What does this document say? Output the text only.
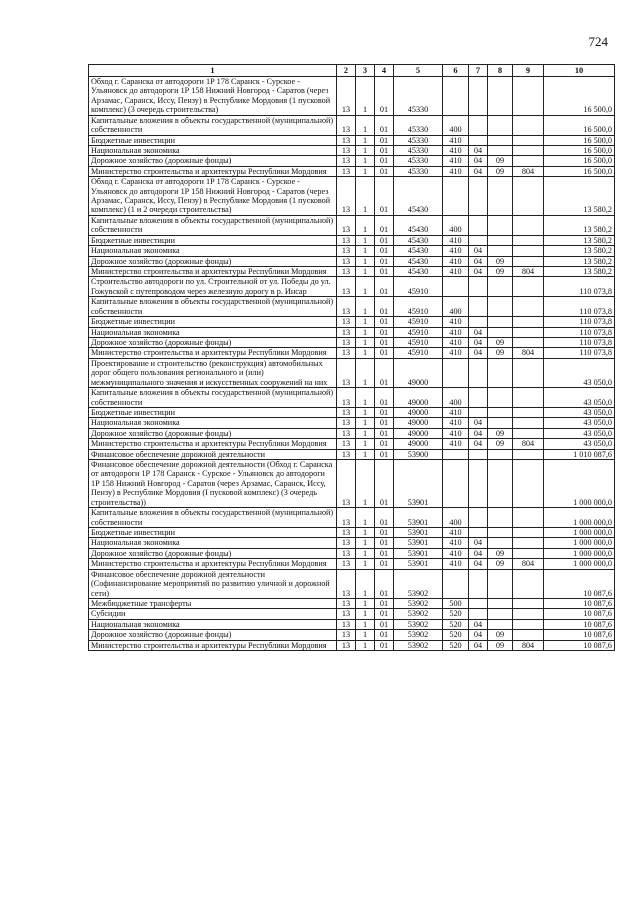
724
1	2	3	4	5	6	7	8	9	10
Обход г. Саранска от автодороги 1Р 178 Саранск - Сурское - Ульяновск до автодороги 1Р 158 Нижний Новгород - Саратов (через Арзамас, Саранск, Иссу, Пензу) в Республике Мордовия (1 пусковой комплекс) (3 очередь строительства)	13	1	01	45330					16 500,0
Капитальные вложения в объекты государственной (муниципальной) собственности	13	1	01	45330	400				16 500,0
Бюджетные инвестиции	13	1	01	45330	410				16 500,0
Национальная экономика	13	1	01	45330	410	04			16 500,0
Дорожное хозяйство (дорожные фонды)	13	1	01	45330	410	04	09		16 500,0
Министерство строительства и архитектуры Республики Мордовия	13	1	01	45330	410	04	09	804	16 500,0
Обход г. Саранска от автодороги 1Р 178 Саранск - Сурское - Ульяновск до автодороги 1Р 158 Нижний Новгород - Саратов (через Арзамас, Саранск, Иссу, Пензу) в Республике Мордовия (1 пусковой комплекс) (1 и 2 очереди строительства)	13	1	01	45430					13 580,2
Капитальные вложения в объекты государственной (муниципальной) собственности	13	1	01	45430	400				13 580,2
Бюджетные инвестиции	13	1	01	45430	410				13 580,2
Национальная экономика	13	1	01	45430	410	04			13 580,2
Дорожное хозяйство (дорожные фонды)	13	1	01	45430	410	04	09		13 580,2
Министерство строительства и архитектуры Республики Мордовия	13	1	01	45430	410	04	09	804	13 580,2
Строительство автодороги по ул. Строительной от ул. Победы до ул. Гожувской с путепроводом через железную дорогу в р. Инсар	13	1	01	45910					110 073,8
Капитальные вложения в объекты государственной (муниципальной) собственности	13	1	01	45910	400				110 073,8
Бюджетные инвестиции	13	1	01	45910	410				110 073,8
Национальная экономика	13	1	01	45910	410	04			110 073,8
Дорожное хозяйство (дорожные фонды)	13	1	01	45910	410	04	09		110 073,8
Министерство строительства и архитектуры Республики Мордовия	13	1	01	45910	410	04	09	804	110 073,8
Проектирование и строительство (реконструкция) автомобильных дорог общего пользования регионального и (или) межмуниципального значения и искусственных сооружений на них	13	1	01	49000					43 050,0
Капитальные вложения в объекты государственной (муниципальной) собственности	13	1	01	49000	400				43 050,0
Бюджетные инвестиции	13	1	01	49000	410				43 050,0
Национальная экономика	13	1	01	49000	410	04			43 050,0
Дорожное хозяйство (дорожные фонды)	13	1	01	49000	410	04	09		43 050,0
Министерство строительства и архитектуры Республики Мордовия	13	1	01	49000	410	04	09	804	43 050,0
Финансовое обеспечение дорожной деятельности	13	1	01	53900					1 010 087,6
Финансовое обеспечение дорожной деятельности (Обход г. Саранска от автодороги 1Р 178 Саранск - Сурское - Ульяновск до автодороги 1Р 158 Нижний Новгород - Саратов (через Арзамас, Саранск, Иссу, Пензу) в Республике Мордовия (I пусковой комплекс) (3 очередь строительства))	13	1	01	53901					1 000 000,0
Капитальные вложения в объекты государственной (муниципальной) собственности	13	1	01	53901	400				1 000 000,0
Бюджетные инвестиции	13	1	01	53901	410				1 000 000,0
Национальная экономика	13	1	01	53901	410	04			1 000 000,0
Дорожное хозяйство (дорожные фонды)	13	1	01	53901	410	04	09		1 000 000,0
Министерство строительства и архитектуры Республики Мордовия	13	1	01	53901	410	04	09	804	1 000 000,0
Финансовое обеспечение дорожной деятельности (Софинансирование мероприятий по развитию уличной и дорожной сети)	13	1	01	53902					10 087,6
Межбюджетные трансферты	13	1	01	53902	500				10 087,6
Субсидии	13	1	01	53902	520				10 087,6
Национальная экономика	13	1	01	53902	520	04			10 087,6
Дорожное хозяйство (дорожные фонды)	13	1	01	53902	520	04	09		10 087,6
Министерство строительства и архитектуры Республики Мордовия	13	1	01	53902	520	04	09	804	10 087,6
